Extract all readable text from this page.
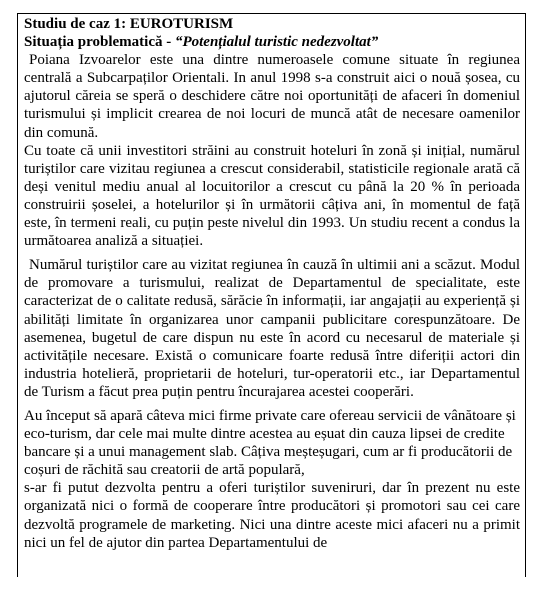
Studiu de caz 1: EUROTURISM

Situația problematică - “Potențialul turistic nedezvoltat”

Poiana Izvoarelor este una dintre numeroasele comune situate în regiunea centrală a Subcarpaților Orientali. In anul 1998 s-a construit aici o nouă șosea, cu ajutorul căreia se speră o deschidere către noi oportunități de afaceri în domeniul turismului și implicit crearea de noi locuri de muncă atât de necesare oamenilor din comună.

Cu toate că unii investitori străini au construit hoteluri în zonă și inițial, numărul turiștilor care vizitau regiunea a crescut considerabil, statisticile regionale arată că deși venitul mediu anual al locuitorilor a crescut cu până la 20 % în perioada construirii șoselei, a hotelurilor și în următorii câțiva ani, în momentul de față este, în termeni reali, cu puțin peste nivelul din 1993. Un studiu recent a condus la următoarea analiză a situației.

Numărul turiștilor care au vizitat regiunea în cauză în ultimii ani a scăzut. Modul de promovare a turismului, realizat de Departamentul de specialitate, este caracterizat de o calitate redusă, sărăcie în informații, iar angajații au experiență și abilități limitate în organizarea unor campanii publicitare corespunzătoare. De asemenea, bugetul de care dispun nu este în acord cu necesarul de materiale și activitățile necesare. Există o comunicare foarte redusă între diferiții actori din industria hotelieră, proprietarii de hoteluri, tur-operatorii etc., iar Departamentul de Turism a făcut prea puțin pentru încurajarea acestei cooperări.

Au început să apară câteva mici firme private care ofereau servicii de vânătoare și eco-turism, dar cele mai multe dintre acestea au eșuat din cauza lipsei de credite bancare și a unui management slab. Câțiva meșteșugari, cum ar fi producătorii de coșuri de răchită sau creatorii de artă populară,

s-ar fi putut dezvolta pentru a oferi turiștilor suveniruri, dar în prezent nu este organizată nici o formă de cooperare între producători și promotori sau cei care dezvoltă programele de marketing. Nici una dintre aceste mici afaceri nu a primit nici un fel de ajutor din partea Departamentului de
